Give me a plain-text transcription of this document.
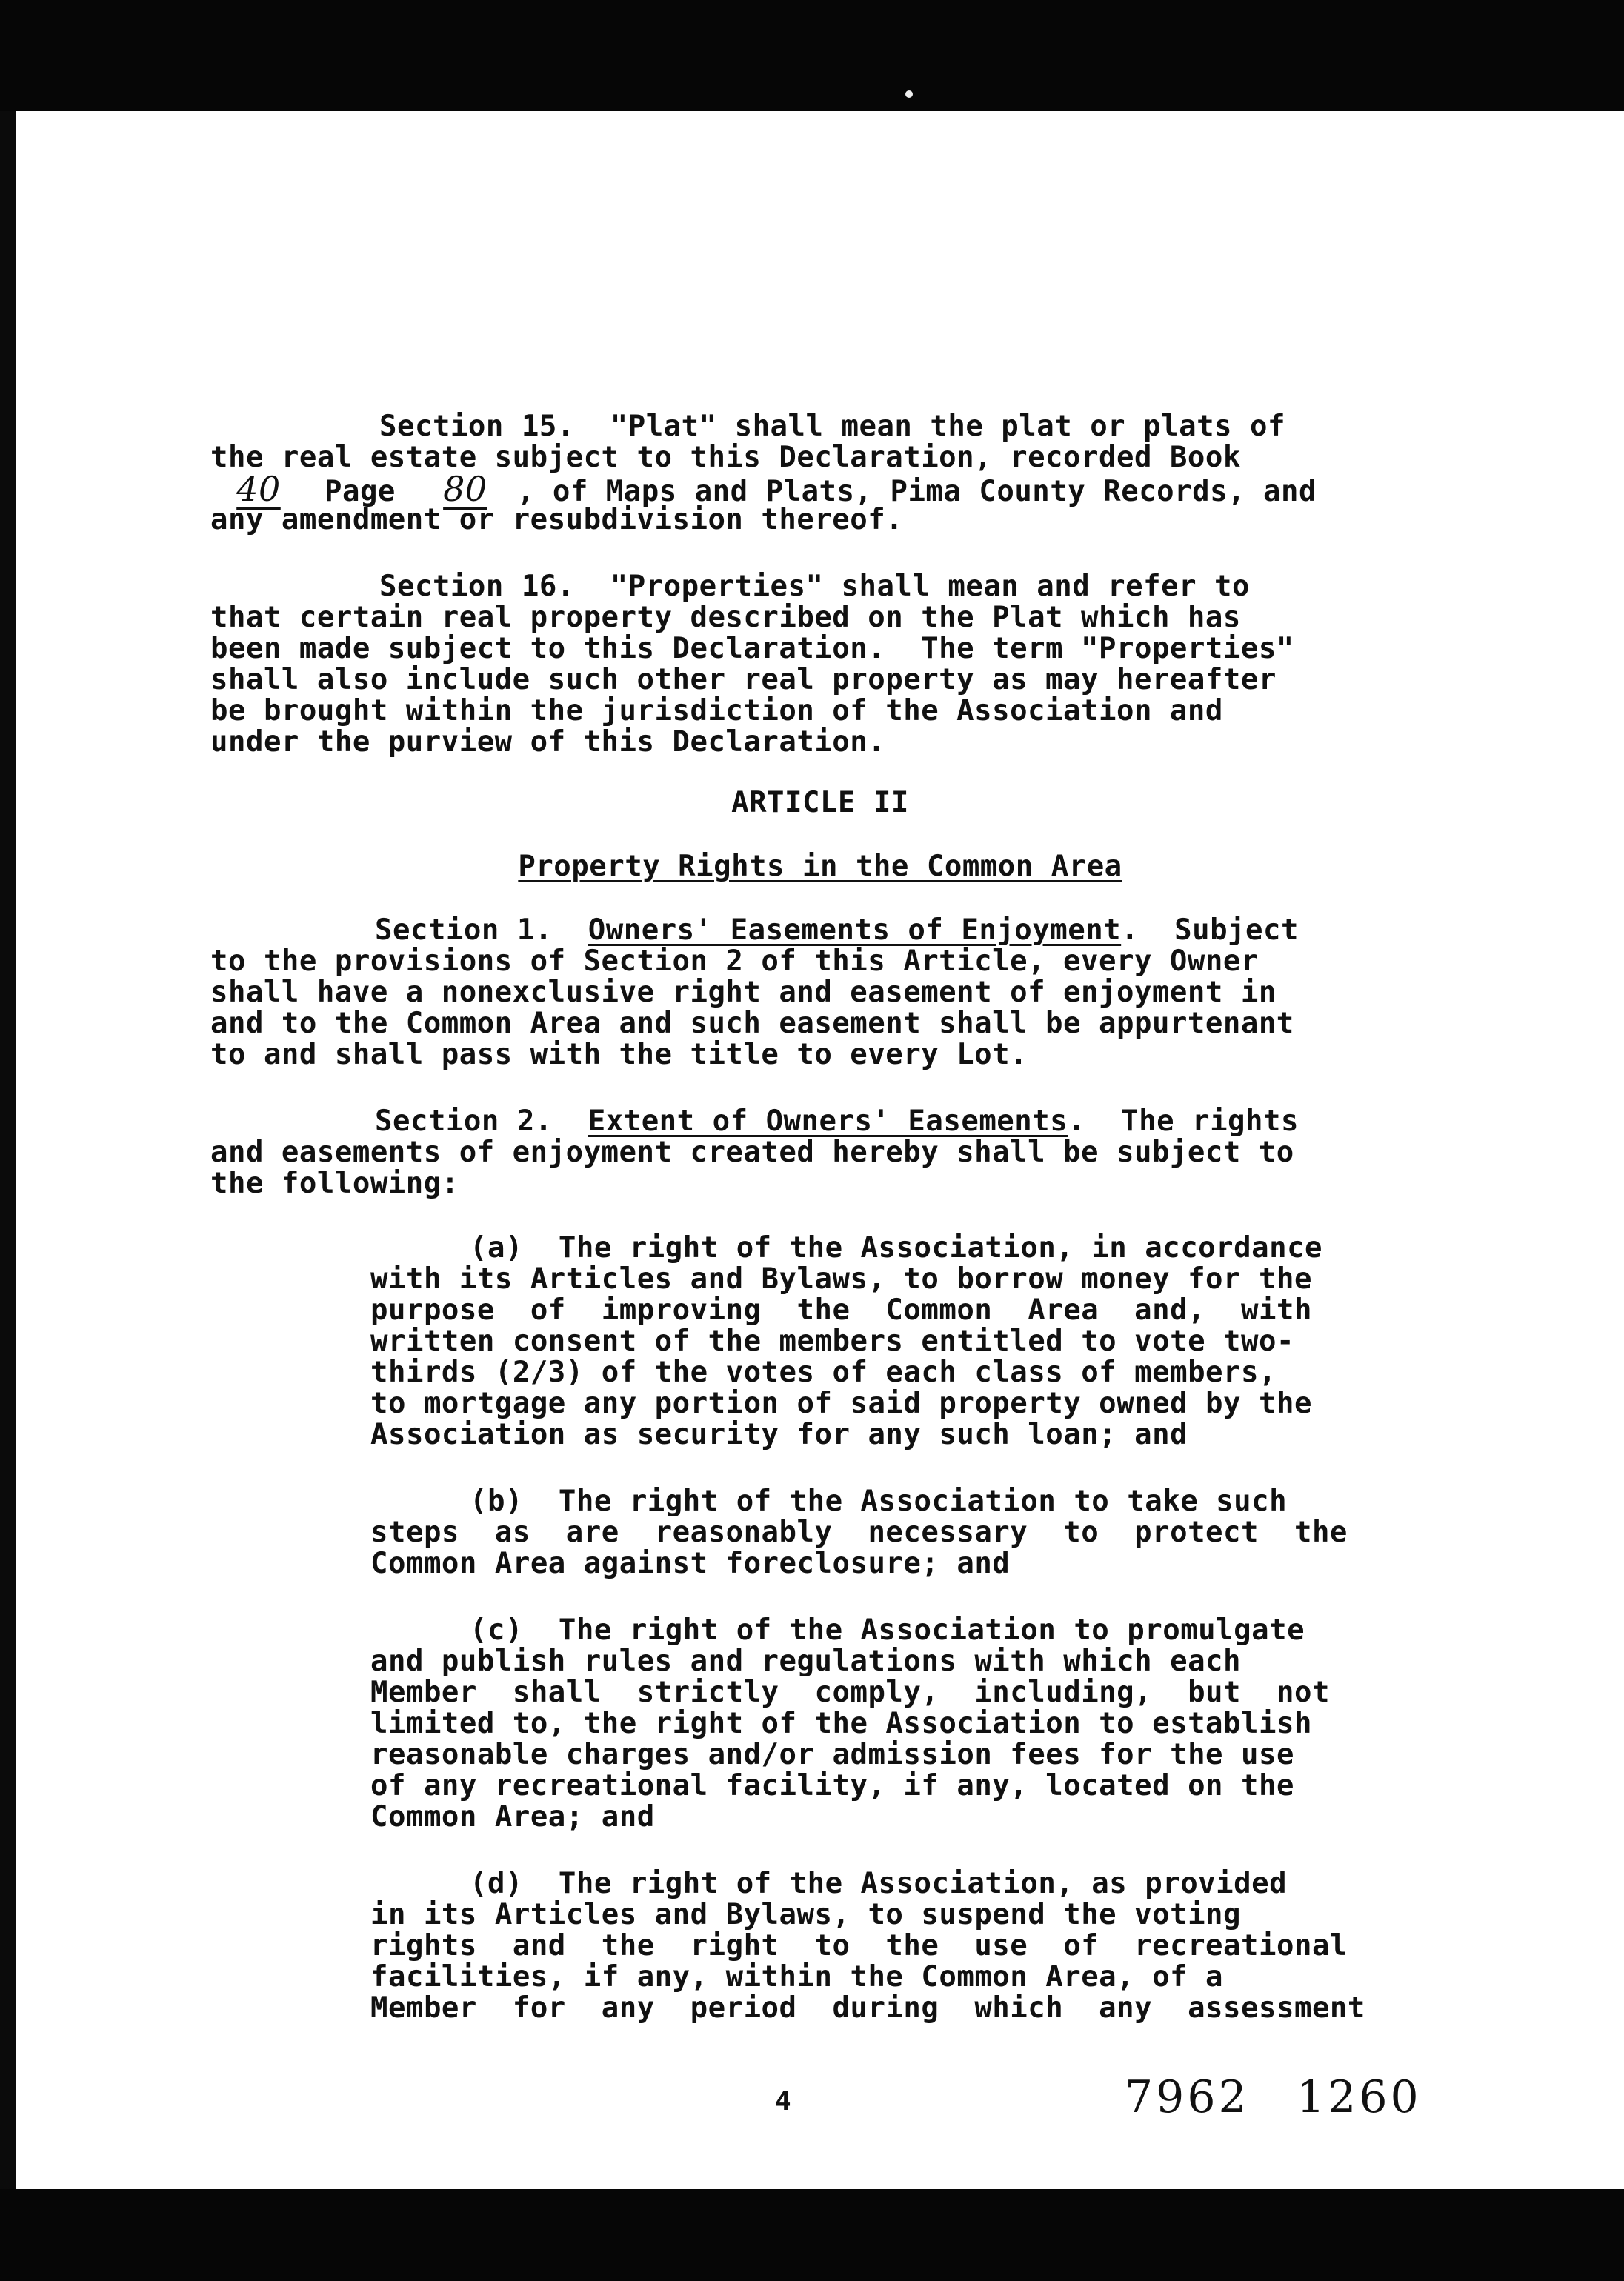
Section 15.  "Plat" shall mean the plat or plats of
the real estate subject to this Declaration, recorded Book
40 Page 80 , of Maps and Plats, Pima County Records, and
any amendment or resubdivision thereof.
Section 16.  "Properties" shall mean and refer to
that certain real property described on the Plat which has
been made subject to this Declaration.  The term "Properties"
shall also include such other real property as may hereafter
be brought within the jurisdiction of the Association and
under the purview of this Declaration.
ARTICLE II
Property Rights in the Common Area
Section 1.  Owners' Easements of Enjoyment.  Subject
to the provisions of Section 2 of this Article, every Owner
shall have a nonexclusive right and easement of enjoyment in
and to the Common Area and such easement shall be appurtenant
to and shall pass with the title to every Lot.
Section 2.  Extent of Owners' Easements.  The rights
and easements of enjoyment created hereby shall be subject to
the following:
(a)  The right of the Association, in accordance
with its Articles and Bylaws, to borrow money for the
purpose  of  improving  the  Common  Area  and,  with
written consent of the members entitled to vote two-
thirds (2/3) of the votes of each class of members,
to mortgage any portion of said property owned by the
Association as security for any such loan; and
(b)  The right of the Association to take such
steps  as  are  reasonably  necessary  to  protect  the
Common Area against foreclosure; and
(c)  The right of the Association to promulgate
and publish rules and regulations with which each
Member  shall  strictly  comply,  including,  but  not
limited to, the right of the Association to establish
reasonable charges and/or admission fees for the use
of any recreational facility, if any, located on the
Common Area; and
(d)  The right of the Association, as provided
in its Articles and Bylaws, to suspend the voting
rights  and  the  right  to  the  use  of  recreational
facilities, if any, within the Common Area, of a
Member  for  any  period  during  which  any  assessment
4	7962 1260
